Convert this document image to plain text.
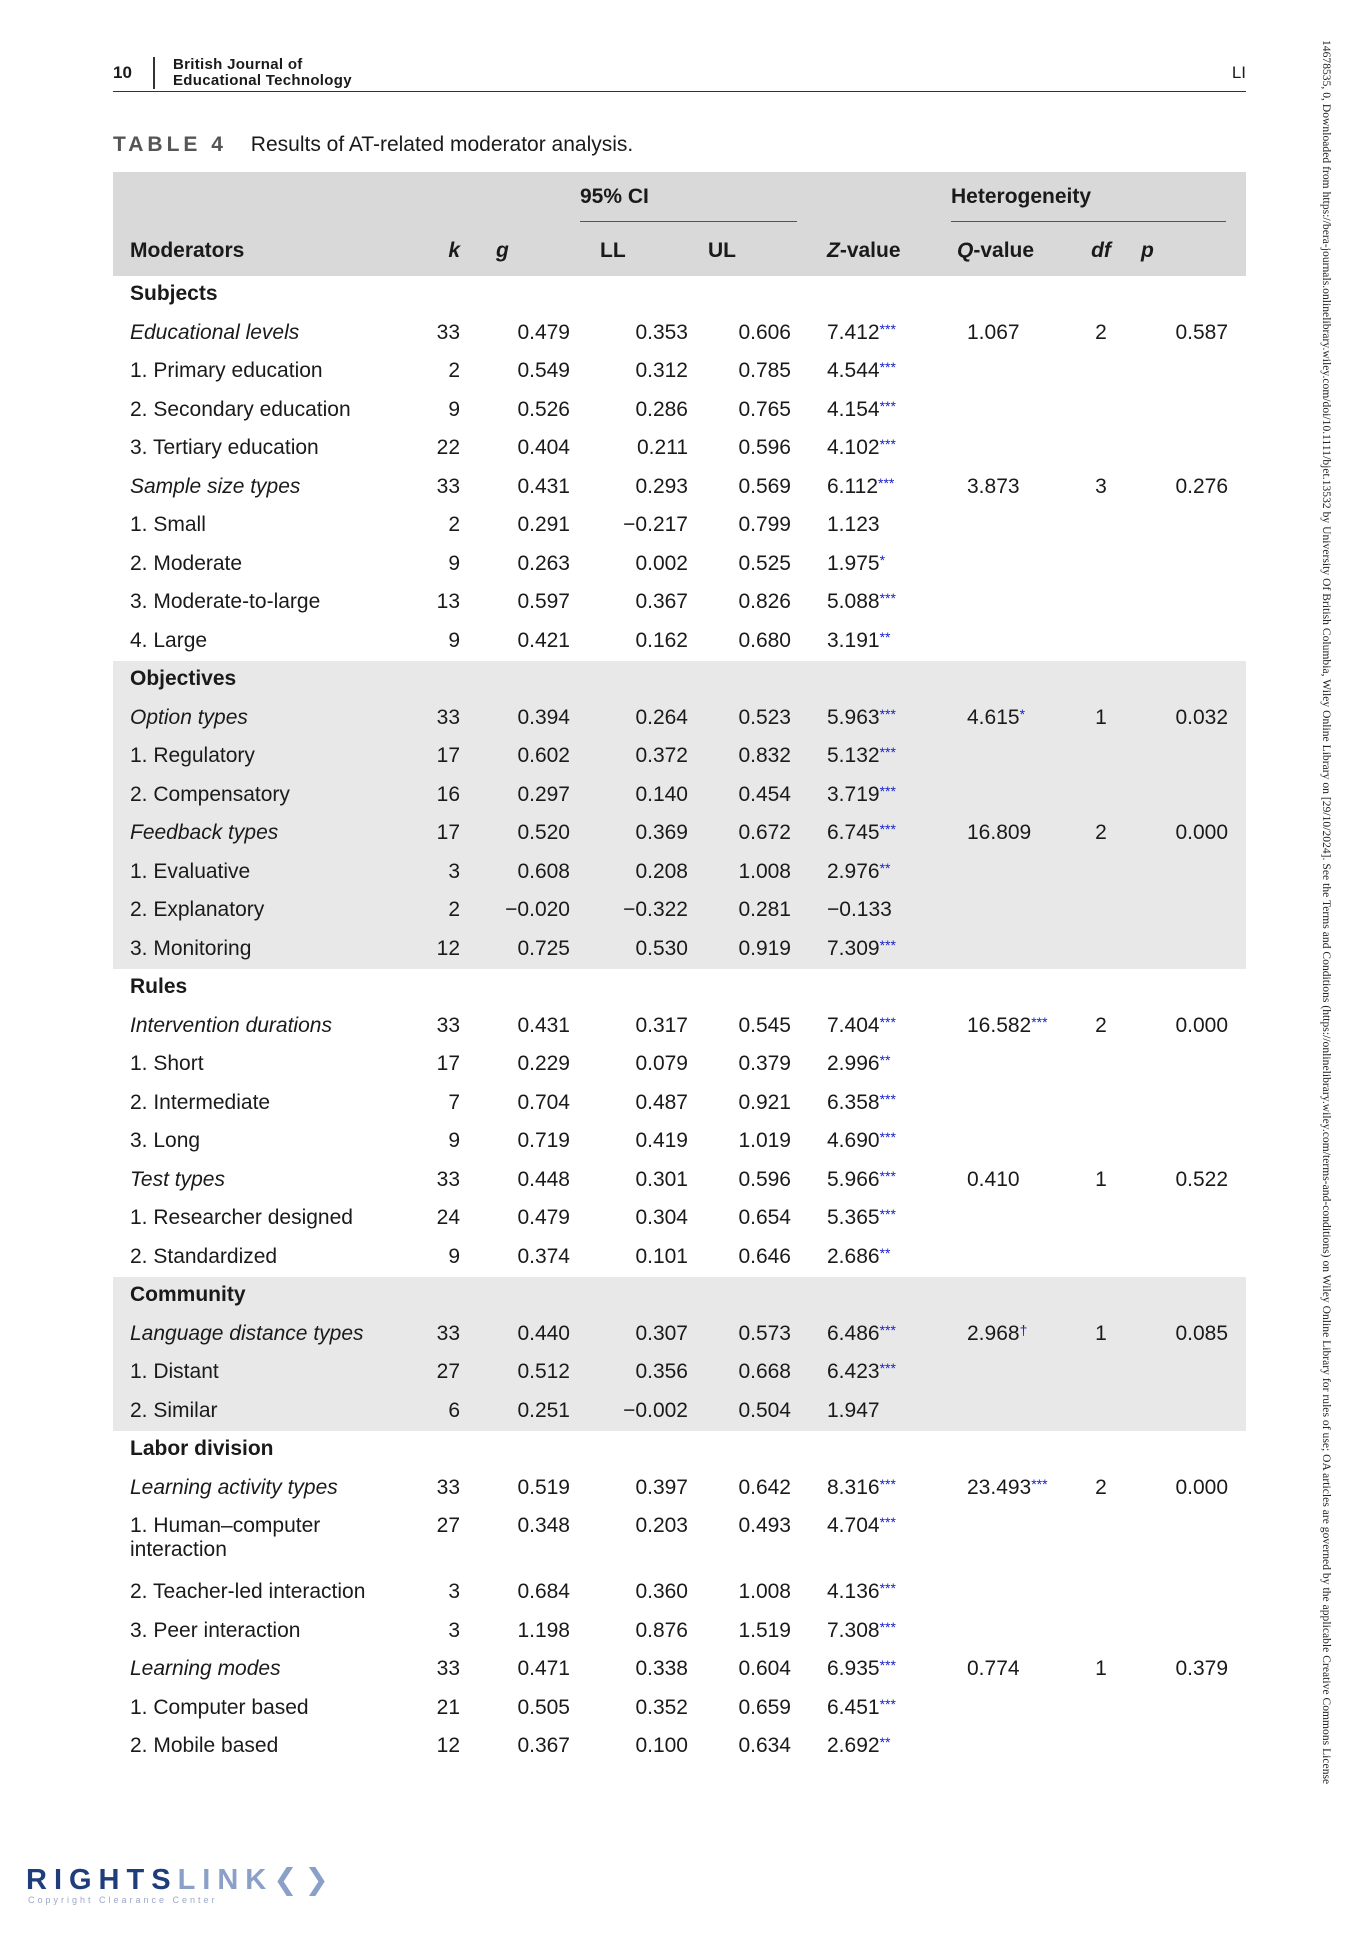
10	British Journal of
Educational Technology	LI	14678535, 0, Downloaded from https://bera-journals.onlinelibrary.wiley.com/doi/10.1111/bjet.13532 by University Of British Columbia, Wiley Online Library on [29/10/2024]. See the Terms and Conditions (https://onlinelibrary.wiley.com/terms-and-conditions) on Wiley Online Library for rules of use; OA articles are governed by the applicable Creative Commons License
TABLE 4 Results of AT-related moderator analysis.

			95% CI			Heterogeneity		

Moderators	k	g	LL	UL	Z-value	Q-value	df	p
Subjects								
Educational levels	33	0.479	0.353	0.606	7.412***	1.067	2	0.587
1. Primary education	2	0.549	0.312	0.785	4.544***			
2. Secondary education	9	0.526	0.286	0.765	4.154***			
3. Tertiary education	22	0.404	0.211	0.596	4.102***			
Sample size types	33	0.431	0.293	0.569	6.112***	3.873	3	0.276
1. Small	2	0.291	−0.217	0.799	1.123			
2. Moderate	9	0.263	0.002	0.525	1.975*			
3. Moderate-to-large	13	0.597	0.367	0.826	5.088***			
4. Large	9	0.421	0.162	0.680	3.191**			
Objectives								
Option types	33	0.394	0.264	0.523	5.963***	4.615*	1	0.032
1. Regulatory	17	0.602	0.372	0.832	5.132***			
2. Compensatory	16	0.297	0.140	0.454	3.719***			
Feedback types	17	0.520	0.369	0.672	6.745***	16.809	2	0.000
1. Evaluative	3	0.608	0.208	1.008	2.976**			
2. Explanatory	2	−0.020	−0.322	0.281	−0.133			
3. Monitoring	12	0.725	0.530	0.919	7.309***			
Rules								
Intervention durations	33	0.431	0.317	0.545	7.404***	16.582***	2	0.000
1. Short	17	0.229	0.079	0.379	2.996**			
2. Intermediate	7	0.704	0.487	0.921	6.358***			
3. Long	9	0.719	0.419	1.019	4.690***			
Test types	33	0.448	0.301	0.596	5.966***	0.410	1	0.522
1. Researcher designed	24	0.479	0.304	0.654	5.365***			
2. Standardized	9	0.374	0.101	0.646	2.686**			
Community								
Language distance types	33	0.440	0.307	0.573	6.486***	2.968†	1	0.085
1. Distant	27	0.512	0.356	0.668	6.423***			
2. Similar	6	0.251	−0.002	0.504	1.947			
Labor division								
Learning activity types	33	0.519	0.397	0.642	8.316***	23.493***	2	0.000
1. Human–computer interaction	27	0.348	0.203	0.493	4.704***			
2. Teacher-led interaction	3	0.684	0.360	1.008	4.136***			
3. Peer interaction	3	1.198	0.876	1.519	7.308***			
Learning modes	33	0.471	0.338	0.604	6.935***	0.774	1	0.379
1. Computer based	21	0.505	0.352	0.659	6.451***			
2. Mobile based	12	0.367	0.100	0.634	2.692**			
RIGHTSLINK❮❯
Copyright Clearance Center
